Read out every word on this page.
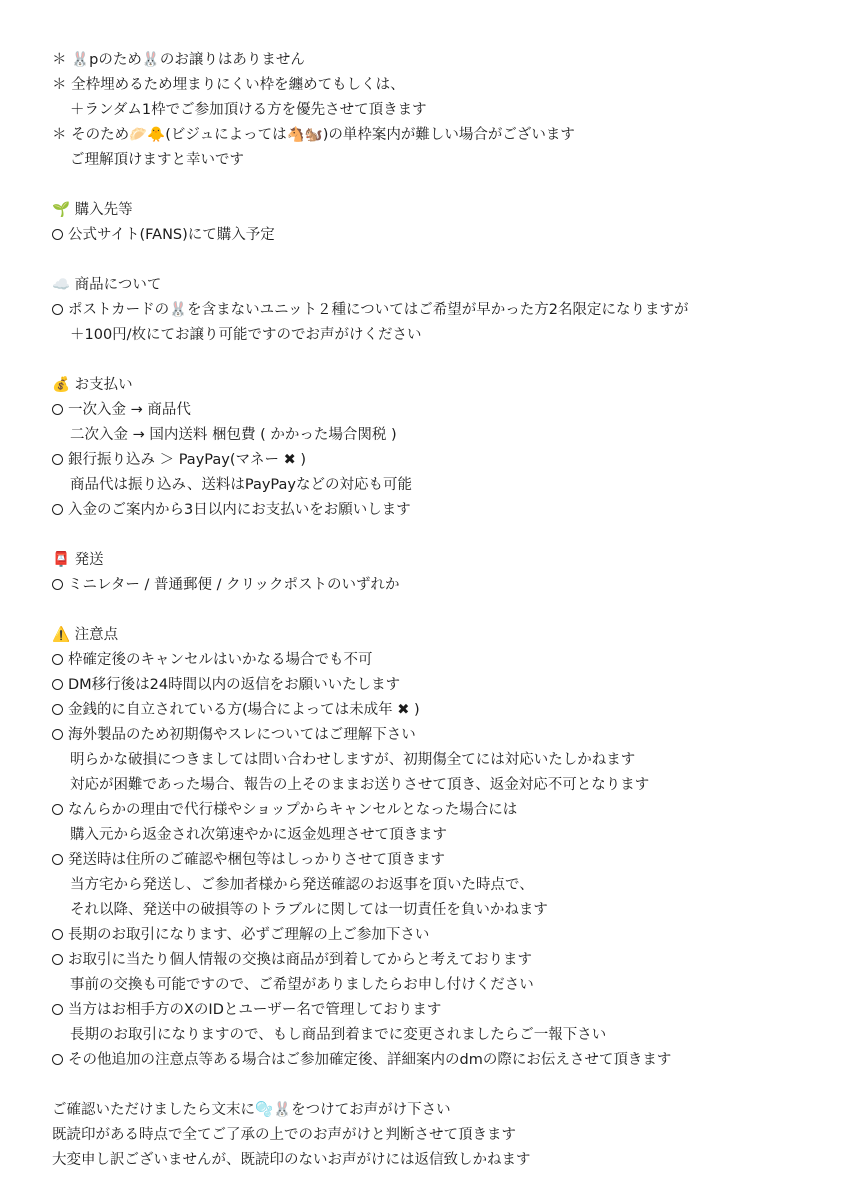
＊ 🐰pのため🐰のお譲りはありません
＊ 全枠埋めるため埋まりにくい枠を纏めてもしくは、
＋ランダム1枠でご参加頂ける方を優先させて頂きます
＊ そのため🥟🐥(ビジュによっては🐴🐿️)の単枠案内が難しい場合がございます
ご理解頂けますと幸いです
🌱 購入先等
公式サイト(FANS)にて購入予定
☁️ 商品について
ポストカードの🐰を含まないユニット２種についてはご希望が早かった方2名限定になりますが
＋100円/枚にてお譲り可能ですのでお声がけください
💰 お支払い
一次入金 → 商品代
二次入金 → 国内送料 梱包費 ( かかった場合関税 )
銀行振り込み ＞ PayPay(マネー ✖ )
商品代は振り込み、送料はPayPayなどの対応も可能
入金のご案内から3日以内にお支払いをお願いします
📮 発送
ミニレター / 普通郵便 / クリックポストのいずれか
⚠️ 注意点
枠確定後のキャンセルはいかなる場合でも不可
DM移行後は24時間以内の返信をお願いいたします
金銭的に自立されている方(場合によっては未成年 ✖ )
海外製品のため初期傷やスレについてはご理解下さい
明らかな破損につきましては問い合わせしますが、初期傷全てには対応いたしかねます
対応が困難であった場合、報告の上そのままお送りさせて頂き、返金対応不可となります
なんらかの理由で代行様やショップからキャンセルとなった場合には
購入元から返金され次第速やかに返金処理させて頂きます
発送時は住所のご確認や梱包等はしっかりさせて頂きます
当方宅から発送し、ご参加者様から発送確認のお返事を頂いた時点で、
それ以降、発送中の破損等のトラブルに関しては一切責任を負いかねます
長期のお取引になります、必ずご理解の上ご参加下さい
お取引に当たり個人情報の交換は商品が到着してからと考えております
事前の交換も可能ですので、ご希望がありましたらお申し付けください
当方はお相手方のXのIDとユーザー名で管理しております
長期のお取引になりますので、もし商品到着までに変更されましたらご一報下さい
その他追加の注意点等ある場合はご参加確定後、詳細案内のdmの際にお伝えさせて頂きます
ご確認いただけましたら文末に🫧🐰をつけてお声がけ下さい
既読印がある時点で全てご了承の上でのお声がけと判断させて頂きます
大変申し訳ございませんが、既読印のないお声がけには返信致しかねます
